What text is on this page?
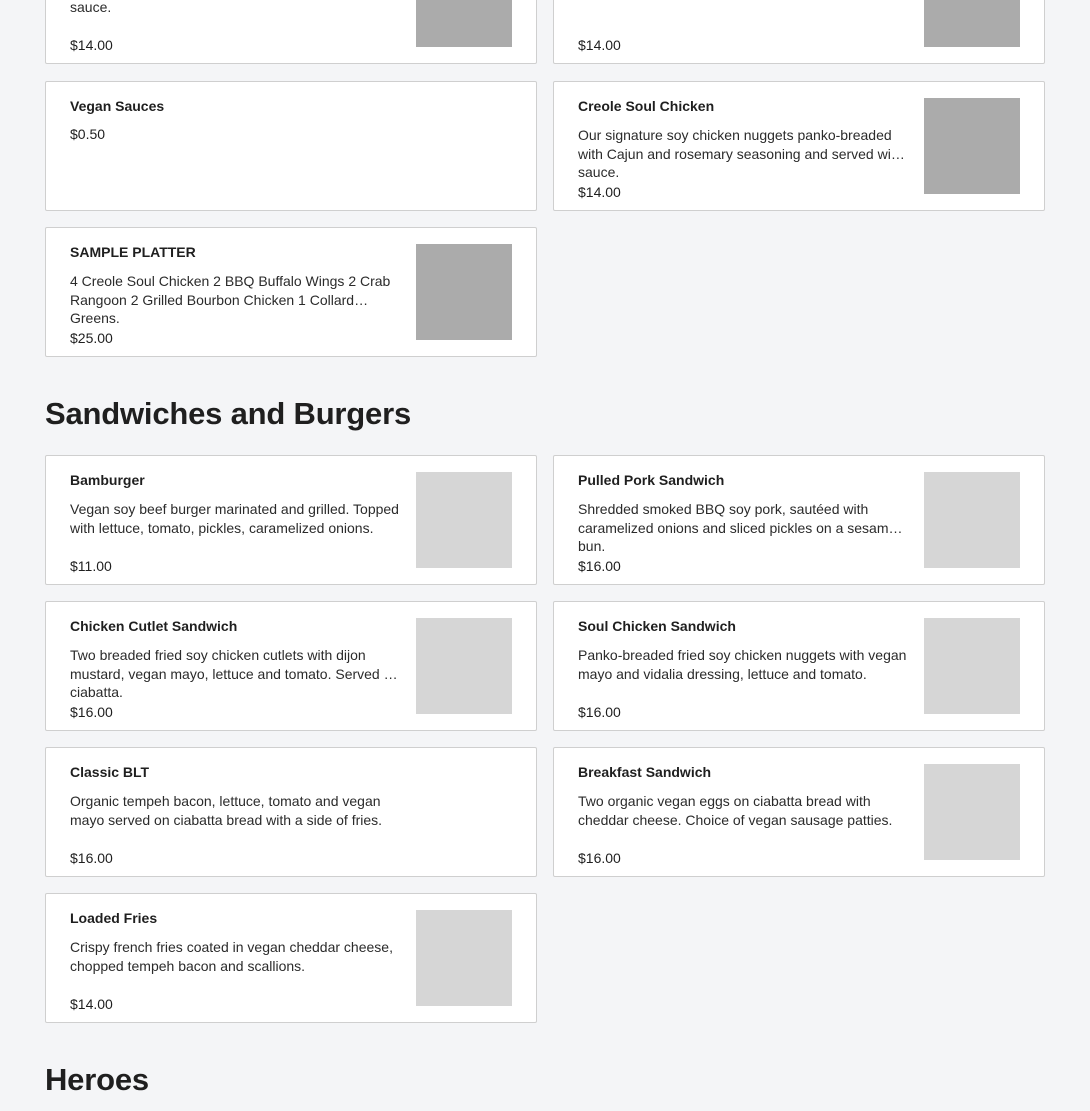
sauce.
$14.00	$14.00
Vegan Sauces
$0.50
Creole Soul Chicken
Our signature soy chicken nuggets panko-breaded with Cajun and rosemary seasoning and served with sauce.
$14.00
SAMPLE PLATTER
4 Creole Soul Chicken 2 BBQ Buffalo Wings 2 Crab Rangoon 2 Grilled Bourbon Chicken 1 Collard Greens.
$25.00
Sandwiches and Burgers
Bamburger
Vegan soy beef burger marinated and grilled. Topped with lettuce, tomato, pickles, caramelized onions.
$11.00
Pulled Pork Sandwich
Shredded smoked BBQ soy pork, sautéed with caramelized onions and sliced pickles on a sesame bun.
$16.00
Chicken Cutlet Sandwich
Two breaded fried soy chicken cutlets with dijon mustard, vegan mayo, lettuce and tomato. Served on ciabatta.
$16.00
Soul Chicken Sandwich
Panko-breaded fried soy chicken nuggets with vegan mayo and vidalia dressing, lettuce and tomato.
$16.00
Classic BLT
Organic tempeh bacon, lettuce, tomato and vegan mayo served on ciabatta bread with a side of fries.
$16.00
Breakfast Sandwich
Two organic vegan eggs on ciabatta bread with cheddar cheese. Choice of vegan sausage patties.
$16.00
Loaded Fries
Crispy french fries coated in vegan cheddar cheese, chopped tempeh bacon and scallions.
$14.00
Heroes
